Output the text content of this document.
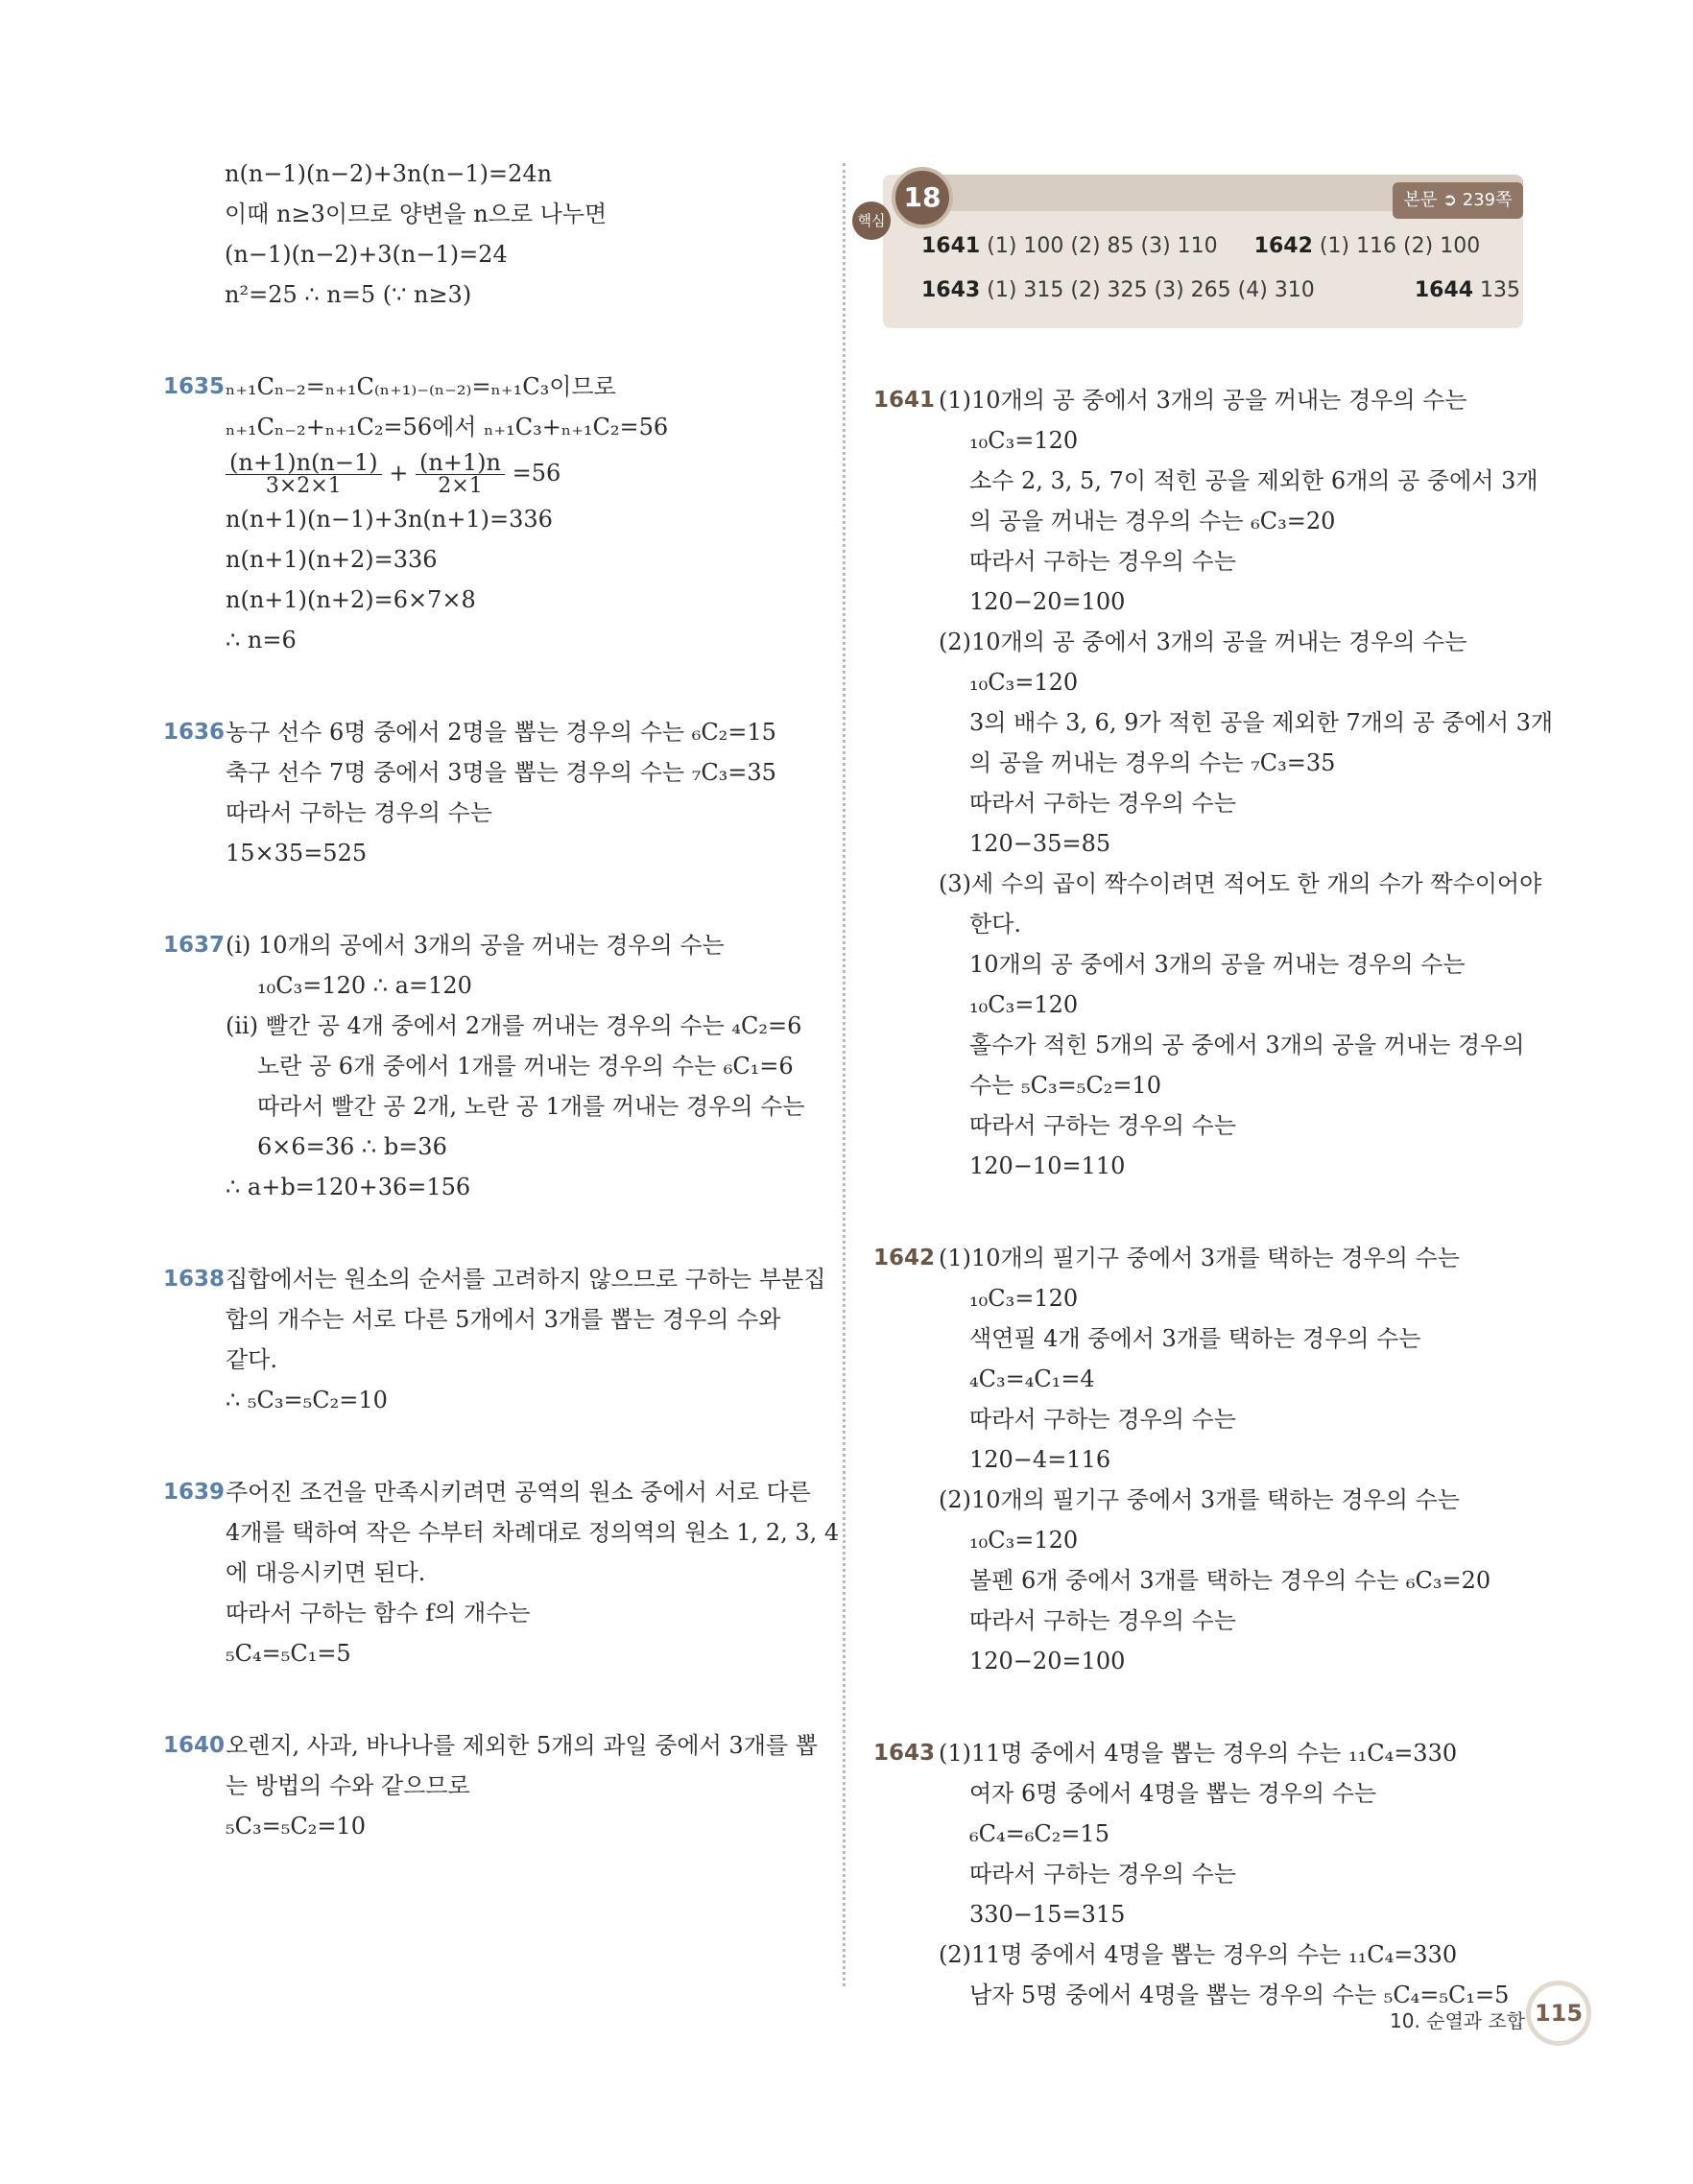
n(n−1)(n−2)+3n(n−1)=24n
이때 n≥3이므로 양변을 n으로 나누면
(n−1)(n−2)+3(n−1)=24
n²=25 ∴ n=5 (∵ n≥3)
1635 ₙ₊₁Cₙ₋₂=ₙ₊₁C₍ₙ₊₁₎₋₍ₙ₋₂₎=ₙ₊₁C₃이므로
ₙ₊₁Cₙ₋₂+ₙ₊₁C₂=56에서 ₙ₊₁C₃+ₙ₊₁C₂=56
$\frac{(n+1)n(n-1)}{3\times 2\times 1} + \frac{(n+1)n}{2\times 1} =56$
n(n+1)(n−1)+3n(n+1)=336
n(n+1)(n+2)=336
n(n+1)(n+2)=6×7×8
∴ n=6
1636 농구 선수 6명 중에서 2명을 뽑는 경우의 수는 ₆C₂=15
축구 선수 7명 중에서 3명을 뽑는 경우의 수는 ₇C₃=35
따라서 구하는 경우의 수는
15×35=525
1637 (i) 10개의 공에서 3개의 공을 꺼내는 경우의 수는
₁₀C₃=120 ∴ a=120
(ii) 빨간 공 4개 중에서 2개를 꺼내는 경우의 수는 ₄C₂=6
노란 공 6개 중에서 1개를 꺼내는 경우의 수는 ₆C₁=6
따라서 빨간 공 2개, 노란 공 1개를 꺼내는 경우의 수는
6×6=36 ∴ b=36
∴ a+b=120+36=156
1638 집합에서는 원소의 순서를 고려하지 않으므로 구하는 부분집
합의 개수는 서로 다른 5개에서 3개를 뽑는 경우의 수와
같다.
∴ ₅C₃=₅C₂=10
1639 주어진 조건을 만족시키려면 공역의 원소 중에서 서로 다른
4개를 택하여 작은 수부터 차례대로 정의역의 원소 1, 2, 3, 4
에 대응시키면 된다.
따라서 구하는 함수 f의 개수는
₅C₄=₅C₁=5
1640 오렌지, 사과, 바나나를 제외한 5개의 과일 중에서 3개를 뽑
는 방법의 수와 같으므로
₅C₃=₅C₂=10
본문 ➲ 239쪽
1641 (1) 100 (2) 85 (3) 110 1642 (1) 116 (2) 100
1643 (1) 315 (2) 325 (3) 265 (4) 310	1644 135
18
핵심
1641 (1)10개의 공 중에서 3개의 공을 꺼내는 경우의 수는
₁₀C₃=120
소수 2, 3, 5, 7이 적힌 공을 제외한 6개의 공 중에서 3개
의 공을 꺼내는 경우의 수는 ₆C₃=20
따라서 구하는 경우의 수는
120−20=100
(2)10개의 공 중에서 3개의 공을 꺼내는 경우의 수는
₁₀C₃=120
3의 배수 3, 6, 9가 적힌 공을 제외한 7개의 공 중에서 3개
의 공을 꺼내는 경우의 수는 ₇C₃=35
따라서 구하는 경우의 수는
120−35=85
(3)세 수의 곱이 짝수이려면 적어도 한 개의 수가 짝수이어야
한다.
10개의 공 중에서 3개의 공을 꺼내는 경우의 수는
₁₀C₃=120
홀수가 적힌 5개의 공 중에서 3개의 공을 꺼내는 경우의
수는 ₅C₃=₅C₂=10
따라서 구하는 경우의 수는
120−10=110
1642 (1)10개의 필기구 중에서 3개를 택하는 경우의 수는
₁₀C₃=120
색연필 4개 중에서 3개를 택하는 경우의 수는
₄C₃=₄C₁=4
따라서 구하는 경우의 수는
120−4=116
(2)10개의 필기구 중에서 3개를 택하는 경우의 수는
₁₀C₃=120
볼펜 6개 중에서 3개를 택하는 경우의 수는 ₆C₃=20
따라서 구하는 경우의 수는
120−20=100
1643 (1)11명 중에서 4명을 뽑는 경우의 수는 ₁₁C₄=330
여자 6명 중에서 4명을 뽑는 경우의 수는
₆C₄=₆C₂=15
따라서 구하는 경우의 수는
330−15=315
(2)11명 중에서 4명을 뽑는 경우의 수는 ₁₁C₄=330
남자 5명 중에서 4명을 뽑는 경우의 수는 ₅C₄=₅C₁=5
10. 순열과 조합 115
